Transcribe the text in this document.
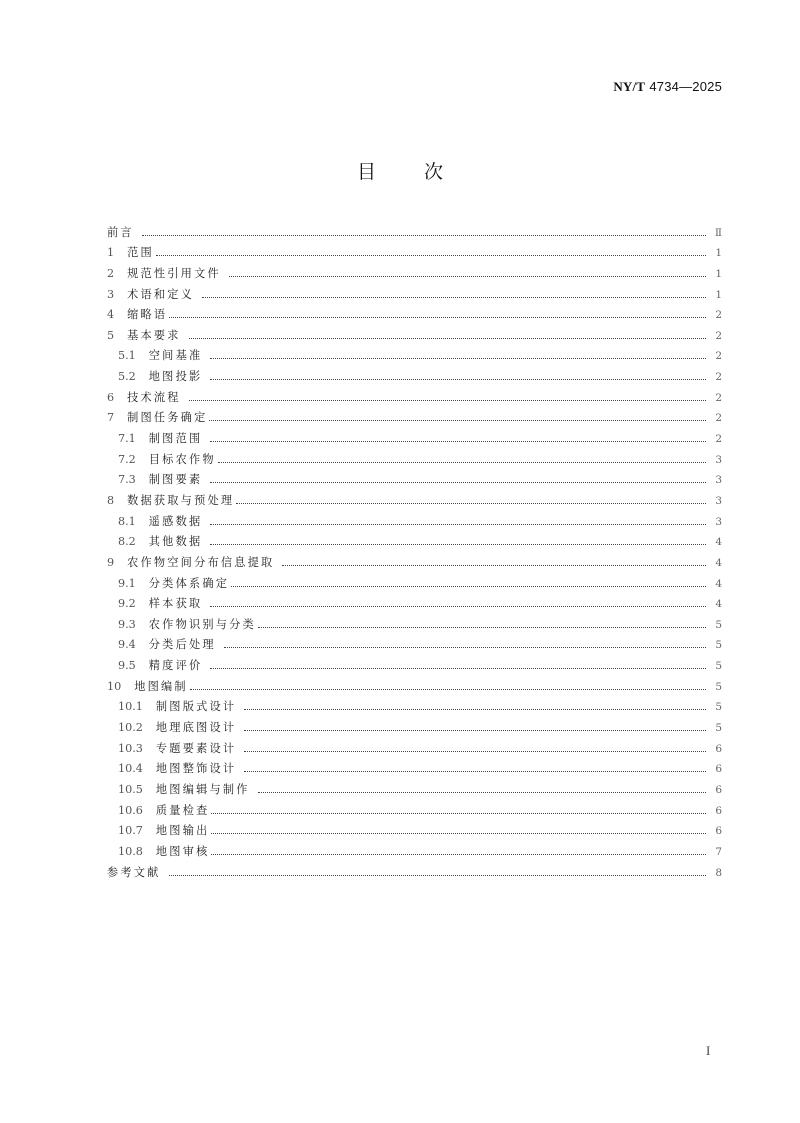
NY/T 4734—2025
目次
前言	Ⅱ
1 范围	1
2 规范性引用文件	1
3 术语和定义	1
4 缩略语	2
5 基本要求	2
5.1 空间基准	2
5.2 地图投影	2
6 技术流程	2
7 制图任务确定	2
7.1 制图范围	2
7.2 目标农作物	3
7.3 制图要素	3
8 数据获取与预处理	3
8.1 遥感数据	3
8.2 其他数据	4
9 农作物空间分布信息提取	4
9.1 分类体系确定	4
9.2 样本获取	4
9.3 农作物识别与分类	5
9.4 分类后处理	5
9.5 精度评价	5
10 地图编制	5
10.1 制图版式设计	5
10.2 地理底图设计	5
10.3 专题要素设计	6
10.4 地图整饰设计	6
10.5 地图编辑与制作	6
10.6 质量检查	6
10.7 地图输出	6
10.8 地图审核	7
参考文献	8
I
